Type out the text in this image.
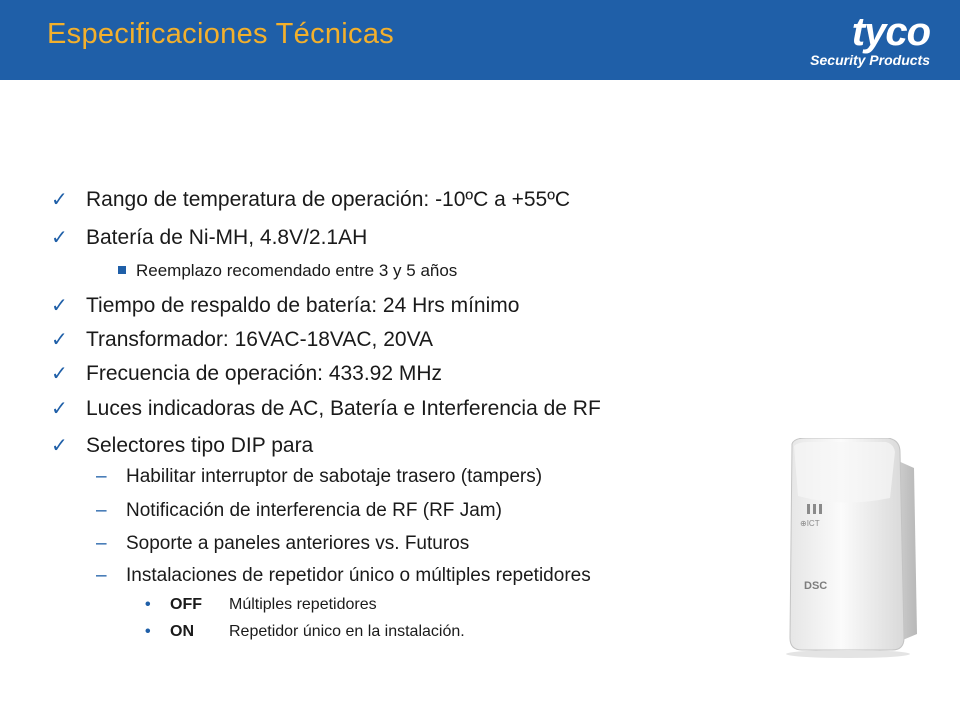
Especificaciones Técnicas	tyco
Security Products
✓ Rango de temperatura de operación: -10ºC a +55ºC
✓ Batería de Ni-MH, 4.8V/2.1AH
Reemplazo recomendado entre 3 y 5 años
✓ Tiempo de respaldo de batería: 24 Hrs mínimo
✓ Transformador: 16VAC-18VAC, 20VA
✓ Frecuencia de operación: 433.92 MHz
✓ Luces indicadoras de AC, Batería e Interferencia de RF
✓ Selectores tipo DIP para
– Habilitar interruptor de sabotaje trasero (tampers)
– Notificación de interferencia de RF (RF Jam)
– Soporte a paneles anteriores vs. Futuros
– Instalaciones de repetidor único o múltiples repetidores
• OFF Múltiples repetidores
• ON Repetidor único en la instalación.
⊕ICT
DSC
